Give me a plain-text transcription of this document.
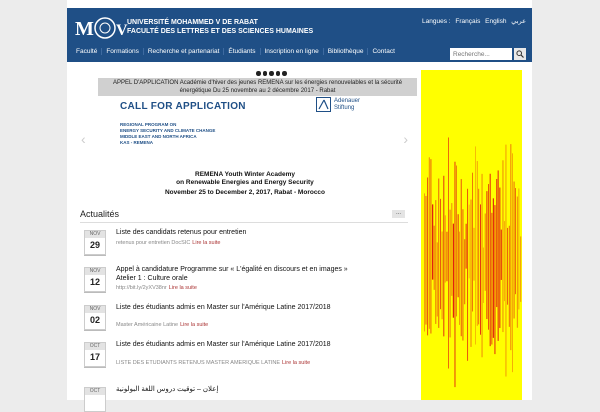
M V UNIVERSITÉ MOHAMMED V DE RABAT
FACULTÉ DES LETTRES ET DES SCIENCES HUMAINES
Langues : Français English عربي
Faculté	Formations	Recherche et partenariat	Étudiants	Inscription en ligne	Bibliothèque	Contact
Recherche...
APPEL D'APPLICATION Académie d'hiver des jeunes REMENA sur les énergies renouvelables et la sécurité énergétique Du 25 novembre au 2 décembre 2017 - Rabat
‹	›
CALL FOR APPLICATION
REGIONAL PROGRAM ON
ENERGY SECURITY AND CLIMATE CHANGE
MIDDLE EAST AND NORTH AFRICA
KAS - REMENA
Adenauer
Stiftung
REMENA Youth Winter Academy
on Renewable Energies and Energy Security
November 25 to December 2, 2017, Rabat - Morocco
Actualités	...
NOV
29
Liste des candidats retenus pour entretien
retenus pour entretien DocSIC Lire la suite
NOV
12
Appel à candidature Programme sur « L'égalité en discours et en images » Atelier 1 : Culture orale
http://bit.ly/2yXV38nr Lire la suite
NOV
02
Liste des étudiants admis en Master sur l'Amérique Latine 2017/2018
Master Américaine Latine Lire la suite
OCT
17
Liste des étudiants admis en Master sur l'Amérique Latine 2017/2018
LISTE DES ETUDIANTS RETENUS MASTER AMERIQUE LATINE Lire la suite
OCT	إعلان – توقيت دروس اللغة البولونية
